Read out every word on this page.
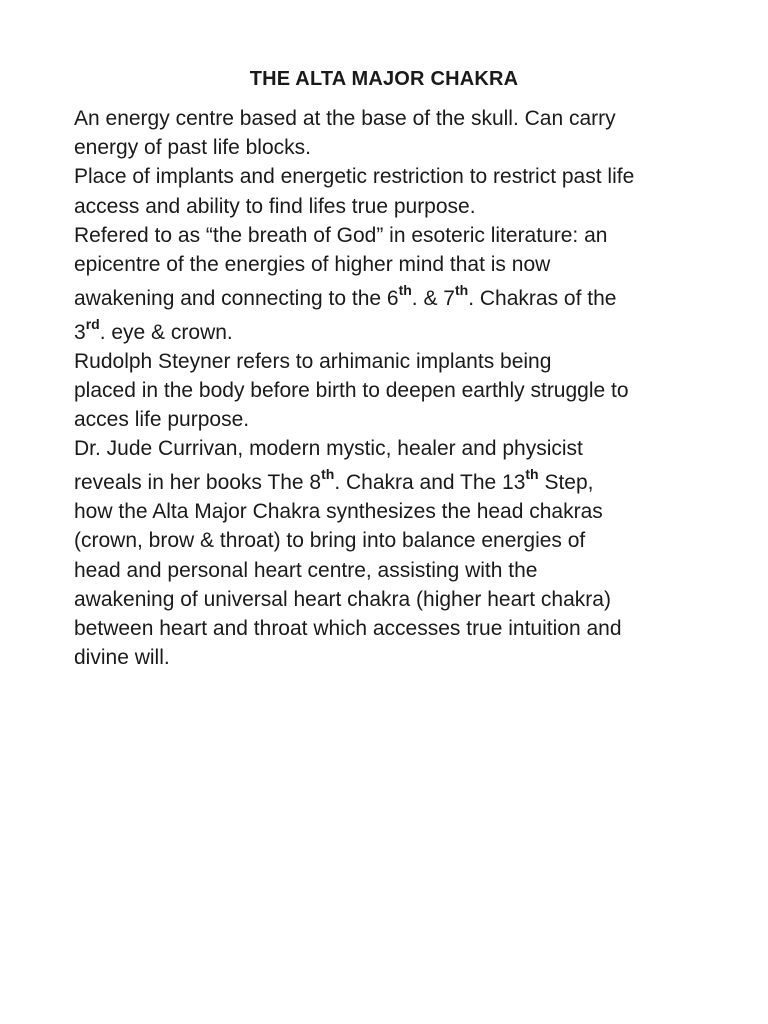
THE ALTA MAJOR CHAKRA
An energy centre based at the base of the skull. Can carry
energy of past life blocks.
Place of implants and energetic restriction to restrict past life
access and ability to find lifes true purpose.
Refered to as “the breath of God” in esoteric literature: an
epicentre of the energies of higher mind that is now
awakening and connecting to the 6th. & 7th. Chakras of the
3rd. eye & crown.
Rudolph Steyner refers to arhimanic implants being
placed in the body before birth to deepen earthly struggle to
acces life purpose.
Dr. Jude Currivan, modern mystic, healer and physicist
reveals in her books The 8th. Chakra and The 13th Step,
how the Alta Major Chakra synthesizes the head chakras
(crown, brow & throat) to bring into balance energies of
head and personal heart centre, assisting with the
awakening of universal heart chakra (higher heart chakra)
between heart and throat which accesses true intuition and
divine will.
